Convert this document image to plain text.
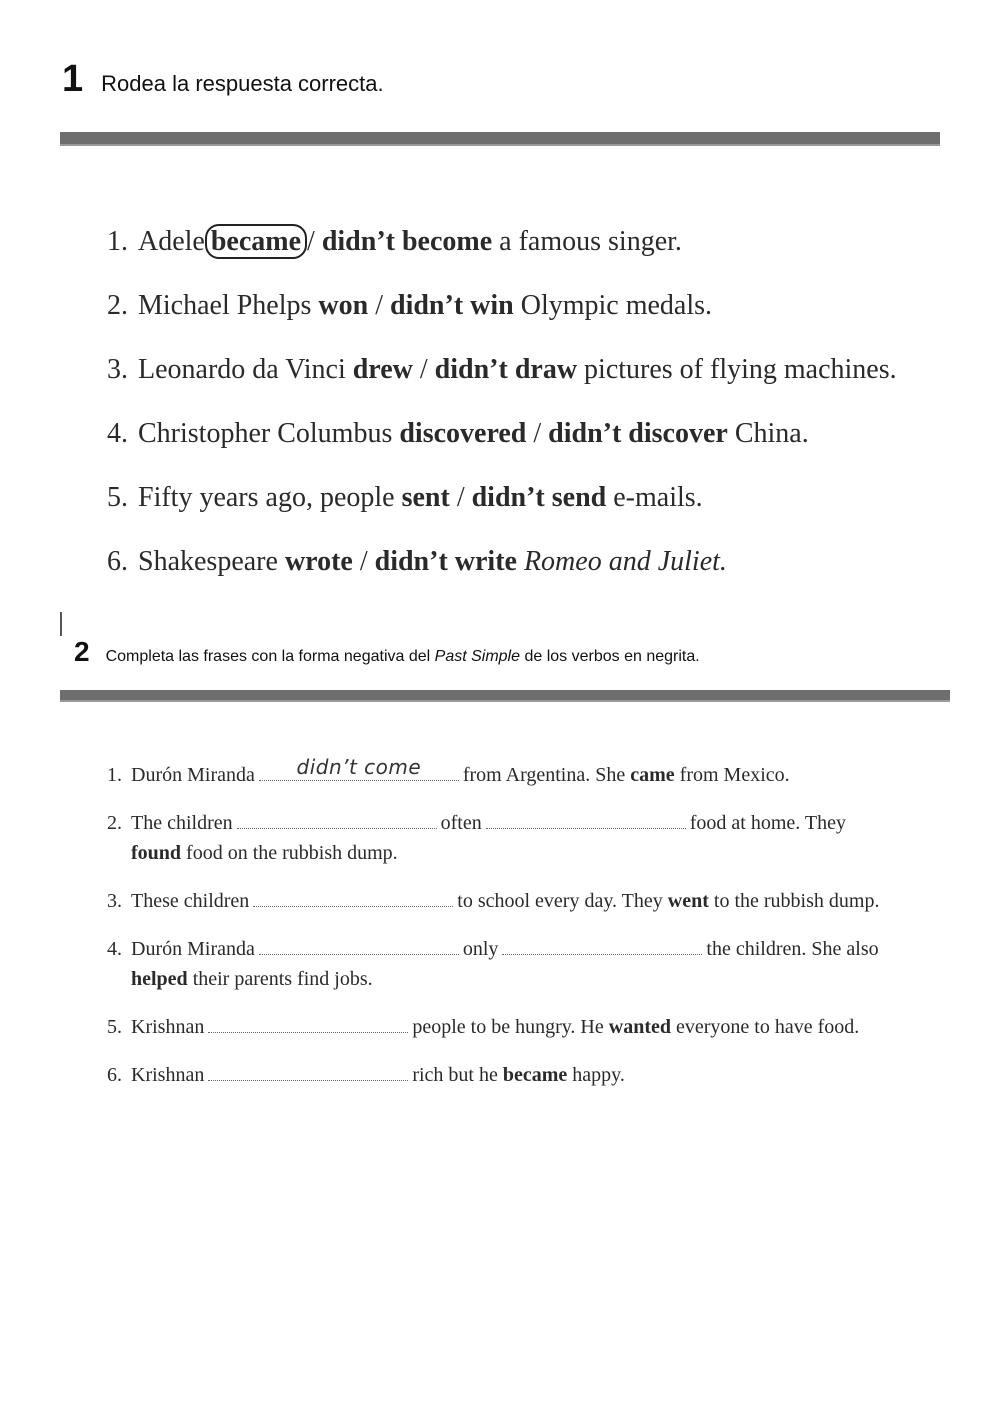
1 Rodea la respuesta correcta.
1. Adele became / didn’t become a famous singer.
2. Michael Phelps won / didn’t win Olympic medals.
3. Leonardo da Vinci drew / didn’t draw pictures of flying machines.
4. Christopher Columbus discovered / didn’t discover China.
5. Fifty years ago, people sent / didn’t send e-mails.
6. Shakespeare wrote / didn’t write Romeo and Juliet.
2 Completa las frases con la forma negativa del Past Simple de los verbos en negrita.
1. Durón Miranda	didn’t come	from Argentina. She came from Mexico.
2. The children	often	food at home. They
found food on the rubbish dump.
3. These children	to school every day. They went to the rubbish dump.
4. Durón Miranda	only	the children. She also
helped their parents find jobs.
5. Krishnan	people to be hungry. He wanted everyone to have food.
6. Krishnan	rich but he became happy.
